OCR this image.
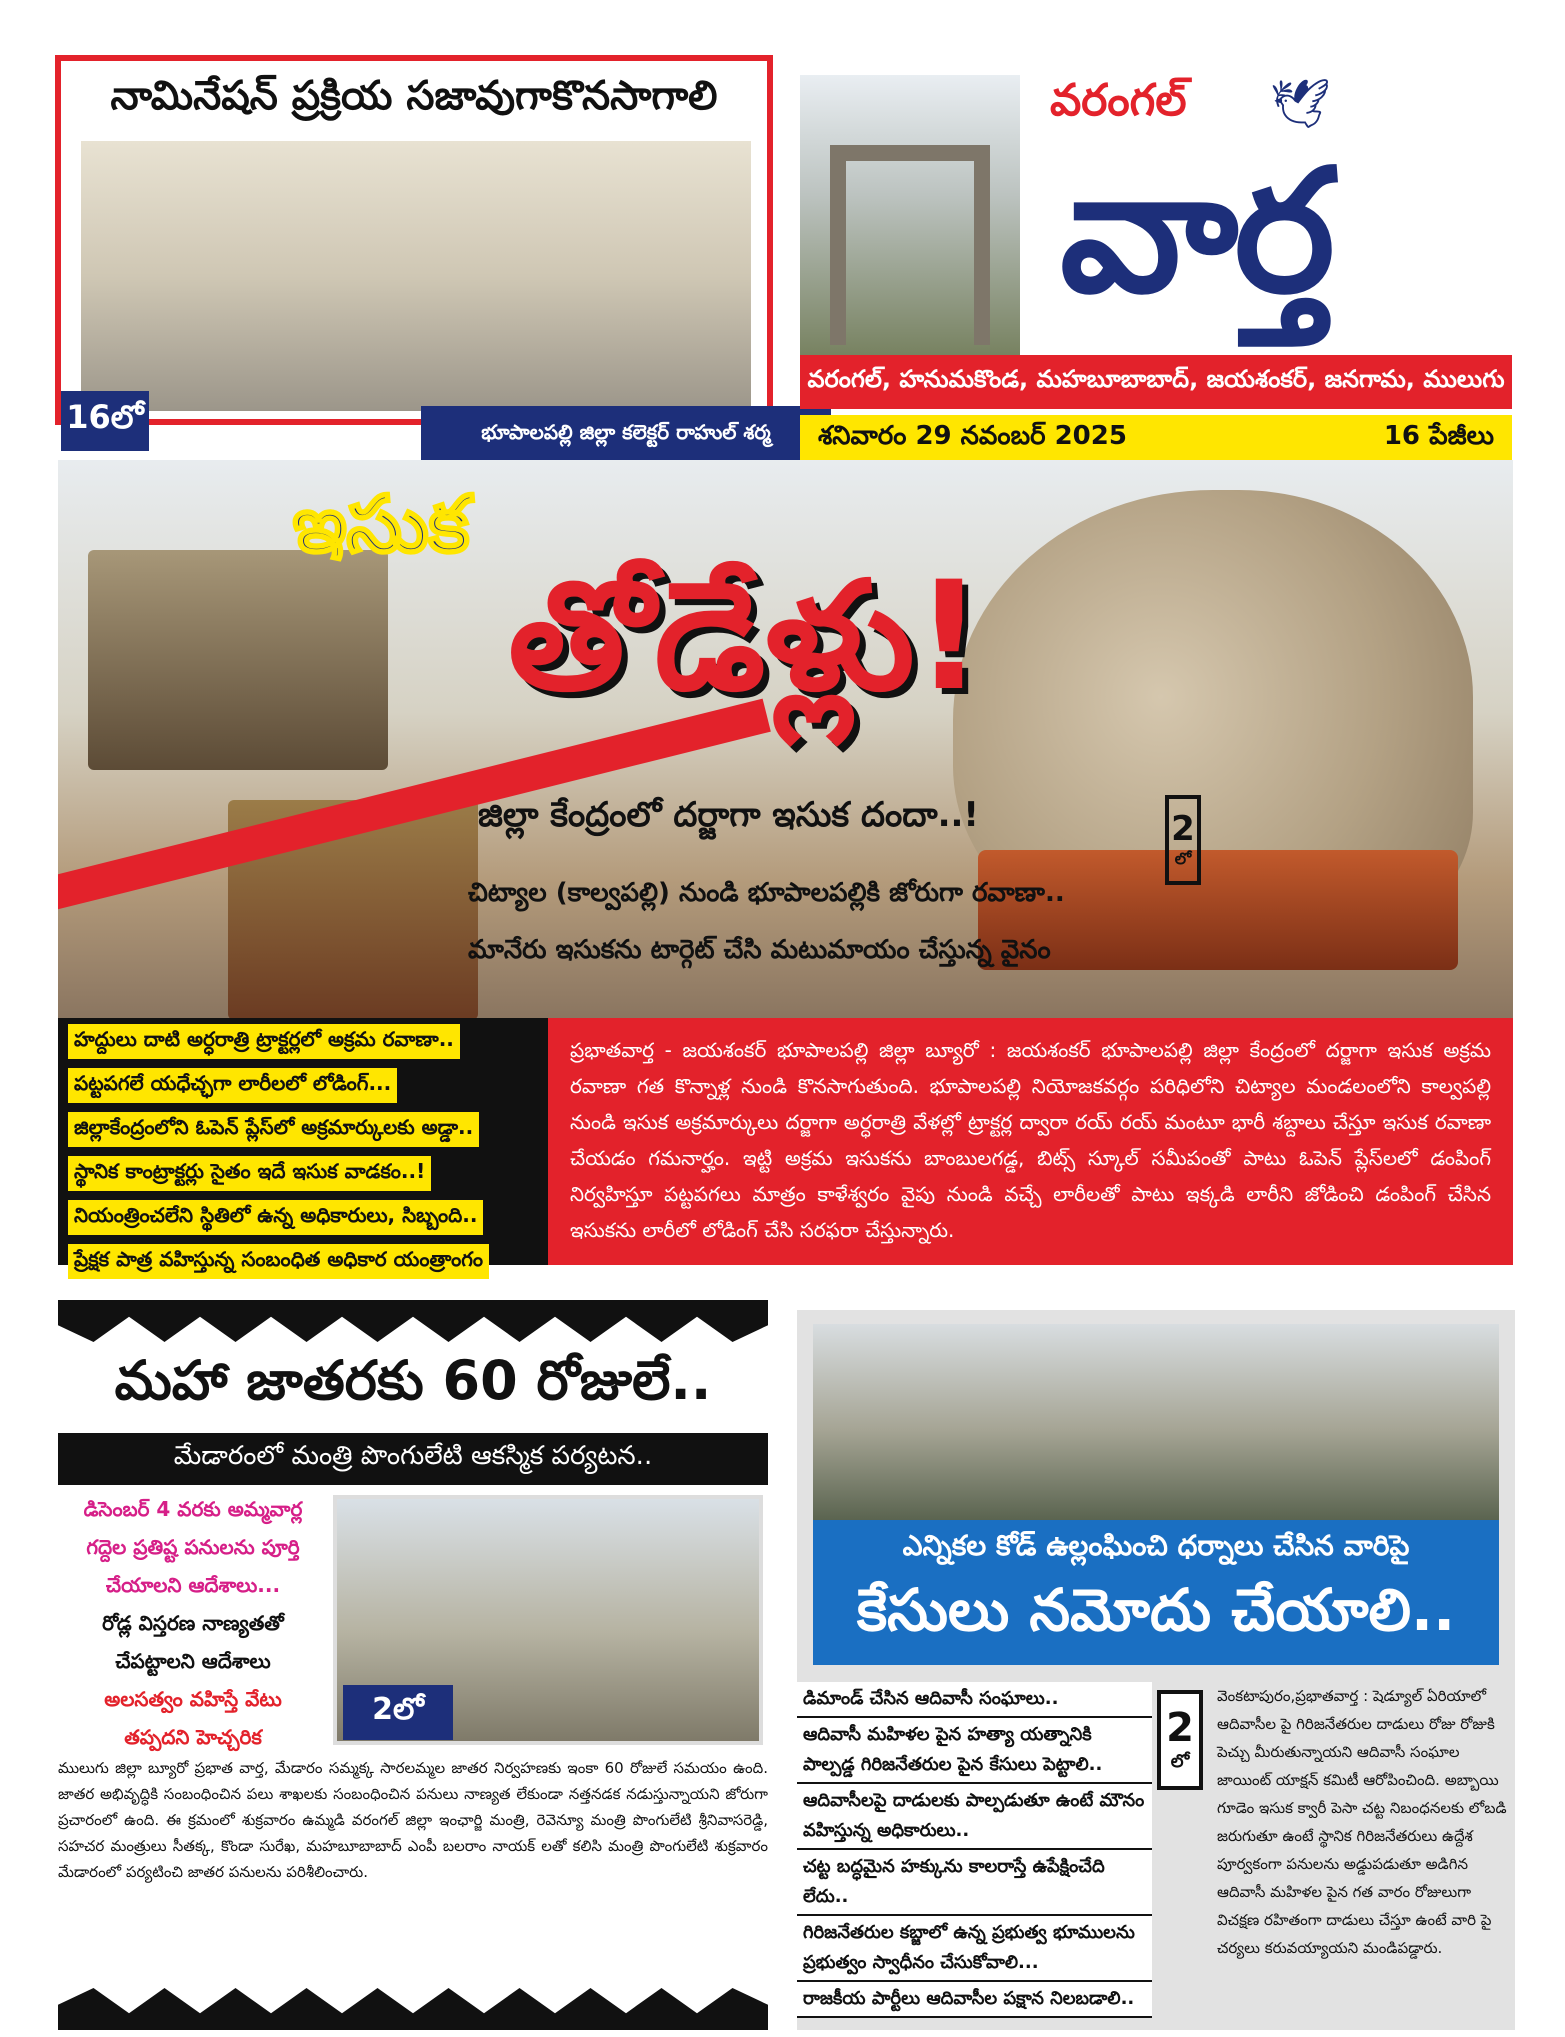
నామినేషన్ ప్రక్రియ సజావుగాకొనసాగాలి
16లో	భూపాలపల్లి జిల్లా కలెక్టర్ రాహుల్ శర్మ
వరంగల్ 🕊
వార్త
వరంగల్, హనుమకొండ, మహబూబాబాద్, జయశంకర్, జనగామ, ములుగు
శనివారం 29 నవంబర్ 2025	16 పేజీలు
ఇసుక
తోడేళ్లు!
జిల్లా కేంద్రంలో దర్జాగా ఇసుక దందా..!	2
లో
చిట్యాల (కాల్వపల్లి) నుండి భూపాలపల్లికి జోరుగా రవాణా..
మానేరు ఇసుకను టార్గెట్ చేసి మటుమాయం చేస్తున్న వైనం
హద్దులు దాటి అర్ధరాత్రి ట్రాక్టర్లలో అక్రమ రవాణా..
పట్టపగలే యధేచ్ఛగా లారీలలో లోడింగ్...
జిల్లాకేంద్రంలోని ఓపెన్ ప్లేస్‌లో అక్రమార్కులకు అడ్డా..
స్థానిక కాంట్రాక్టర్లు సైతం ఇదే ఇసుక వాడకం..!
నియంత్రించలేని స్థితిలో ఉన్న అధికారులు, సిబ్బంది..
ప్రేక్షక పాత్ర వహిస్తున్న సంబంధిత అధికార యంత్రాంగం
ప్రభాతవార్త - జయశంకర్ భూపాలపల్లి జిల్లా బ్యూరో : జయశంకర్ భూపాలపల్లి జిల్లా కేంద్రంలో దర్జాగా ఇసుక అక్రమ రవాణా గత కొన్నాళ్ల నుండి కొనసాగుతుంది. భూపాలపల్లి నియోజకవర్గం పరిధిలోని చిట్యాల మండలంలోని కాల్వపల్లి నుండి ఇసుక అక్రమార్కులు దర్జాగా అర్ధరాత్రి వేళల్లో ట్రాక్టర్ల ద్వారా రయ్ రయ్ మంటూ భారీ శబ్దాలు చేస్తూ ఇసుక రవాణా చేయడం గమనార్హం. ఇట్టి అక్రమ ఇసుకను బాంబులగడ్డ, బిట్స్ స్కూల్ సమీపంతో పాటు ఓపెన్ ప్లేస్‌లలో డంపింగ్ నిర్వహిస్తూ పట్టపగలు మాత్రం కాళేశ్వరం వైపు నుండి వచ్చే లారీలతో పాటు ఇక్కడి లారీని జోడించి డంపింగ్ చేసిన ఇసుకను లారీలో లోడింగ్ చేసి సరఫరా చేస్తున్నారు.
మహా జాతరకు 60 రోజులే..
మేడారంలో మంత్రి పొంగులేటి ఆకస్మిక పర్యటన..
డిసెంబర్ 4 వరకు అమ్మవార్ల
గద్దెల ప్రతిష్ట పనులను పూర్తి
చేయాలని ఆదేశాలు...
రోడ్ల విస్తరణ నాణ్యతతో
చేపట్టాలని ఆదేశాలు
అలసత్వం వహిస్తే వేటు
తప్పదని హెచ్చరిక
2లో
ములుగు జిల్లా బ్యూరో ప్రభాత వార్త, మేడారం సమ్మక్క సారలమ్మల జాతర నిర్వహణకు ఇంకా 60 రోజులే సమయం ఉంది. జాతర అభివృద్ధికి సంబంధించిన పలు శాఖలకు సంబంధించిన పనులు నాణ్యత లేకుండా నత్తనడక నడుస్తున్నాయని జోరుగా ప్రచారంలో ఉంది. ఈ క్రమంలో శుక్రవారం ఉమ్మడి వరంగల్ జిల్లా ఇంఛార్జి మంత్రి, రెవెన్యూ మంత్రి పొంగులేటి శ్రీనివాసరెడ్డి, సహచర మంత్రులు సీతక్క, కొండా సురేఖ, మహబూబాబాద్ ఎంపీ బలరాం నాయక్ లతో కలిసి మంత్రి పొంగులేటి శుక్రవారం మేడారంలో పర్యటించి జాతర పనులను పరిశీలించారు.
ఎన్నికల కోడ్ ఉల్లంఘించి ధర్నాలు చేసిన వారిపై
కేసులు నమోదు చేయాలి..
డిమాండ్ చేసిన ఆదివాసీ సంఘాలు..
ఆదివాసీ మహిళల పైన హత్యా యత్నానికి పాల్పడ్డ గిరిజనేతరుల పైన కేసులు పెట్టాలి..
ఆదివాసీలపై దాడులకు పాల్పడుతూ ఉంటే మౌనం వహిస్తున్న అధికారులు..
చట్ట బద్ధమైన హక్కును కాలరాస్తే ఉపేక్షించేది లేదు..
గిరిజనేతరుల కబ్జాలో ఉన్న ప్రభుత్వ భూములను ప్రభుత్వం స్వాధీనం చేసుకోవాలి...
రాజకీయ పార్టీలు ఆదివాసీల పక్షాన నిలబడాలి..
2
లో
వెంకటాపురం,ప్రభాతవార్త : షెడ్యూల్ ఏరియాలో ఆదివాసీల పై గిరిజనేతరుల దాడులు రోజు రోజుకి పెచ్చు మీరుతున్నాయని ఆదివాసీ సంఘాల జాయింట్ యాక్షన్ కమిటీ ఆరోపించింది. అబ్బాయి గూడెం ఇసుక క్వారీ పెసా చట్ట నిబంధనలకు లోబడి జరుగుతూ ఉంటే స్థానిక గిరిజనేతరులు ఉద్దేశ పూర్వకంగా పనులను అడ్డుపడుతూ అడిగిన ఆదివాసీ మహిళల పైన గత వారం రోజులుగా విచక్షణ రహితంగా దాడులు చేస్తూ ఉంటే వారి పై చర్యలు కరువయ్యాయని మండిపడ్డారు.
